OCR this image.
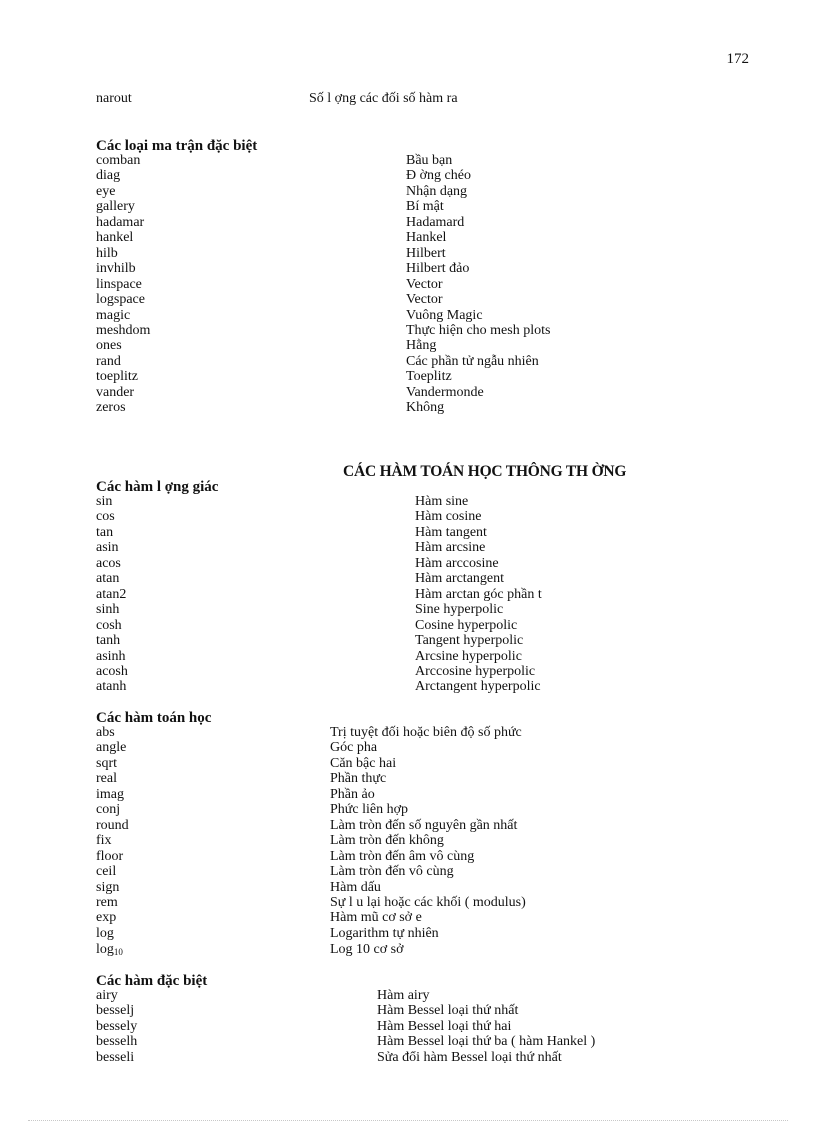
172
narout	Số l ợng các đối số hàm ra
Các loại ma trận đặc biệt
comban	Bầu bạn
diag	Đ ờng chéo
eye	Nhận dạng
gallery	Bí mật
hadamar	Hadamard
hankel	Hankel
hilb	Hilbert
invhilb	Hilbert đảo
linspace	Vector
logspace	Vector
magic	Vuông Magic
meshdom	Thực hiện cho mesh plots
ones	Hằng
rand	Các phần tử ngẫu nhiên
toeplitz	Toeplitz
vander	Vandermonde
zeros	Không
CÁC HÀM TOÁN HỌC THÔNG TH ỜNG
Các hàm l ợng giác
sin	Hàm sine
cos	Hàm cosine
tan	Hàm tangent
asin	Hàm arcsine
acos	Hàm arccosine
atan	Hàm arctangent
atan2	Hàm arctan góc phần t
sinh	Sine hyperpolic
cosh	Cosine hyperpolic
tanh	Tangent hyperpolic
asinh	Arcsine hyperpolic
acosh	Arccosine hyperpolic
atanh	Arctangent hyperpolic
Các hàm toán học
abs	Trị tuyệt đối hoặc biên độ số phức
angle	Góc pha
sqrt	Căn bậc hai
real	Phần thực
imag	Phần ảo
conj	Phức liên hợp
round	Làm tròn đến số nguyên gần nhất
fix	Làm tròn đến không
floor	Làm tròn đến âm vô cùng
ceil	Làm tròn đến vô cùng
sign	Hàm dấu
rem	Sự l u lại hoặc các khối ( modulus)
exp	Hàm mũ cơ sở e
log	Logarithm tự nhiên
$\log_{10}$	Log 10 cơ sở
Các hàm đặc biệt
airy	Hàm airy
besselj	Hàm Bessel loại thứ nhất
bessely	Hàm Bessel loại thứ hai
besselh	Hàm Bessel loại thứ ba ( hàm Hankel )
besseli	Sửa đổi hàm Bessel loại thứ nhất
